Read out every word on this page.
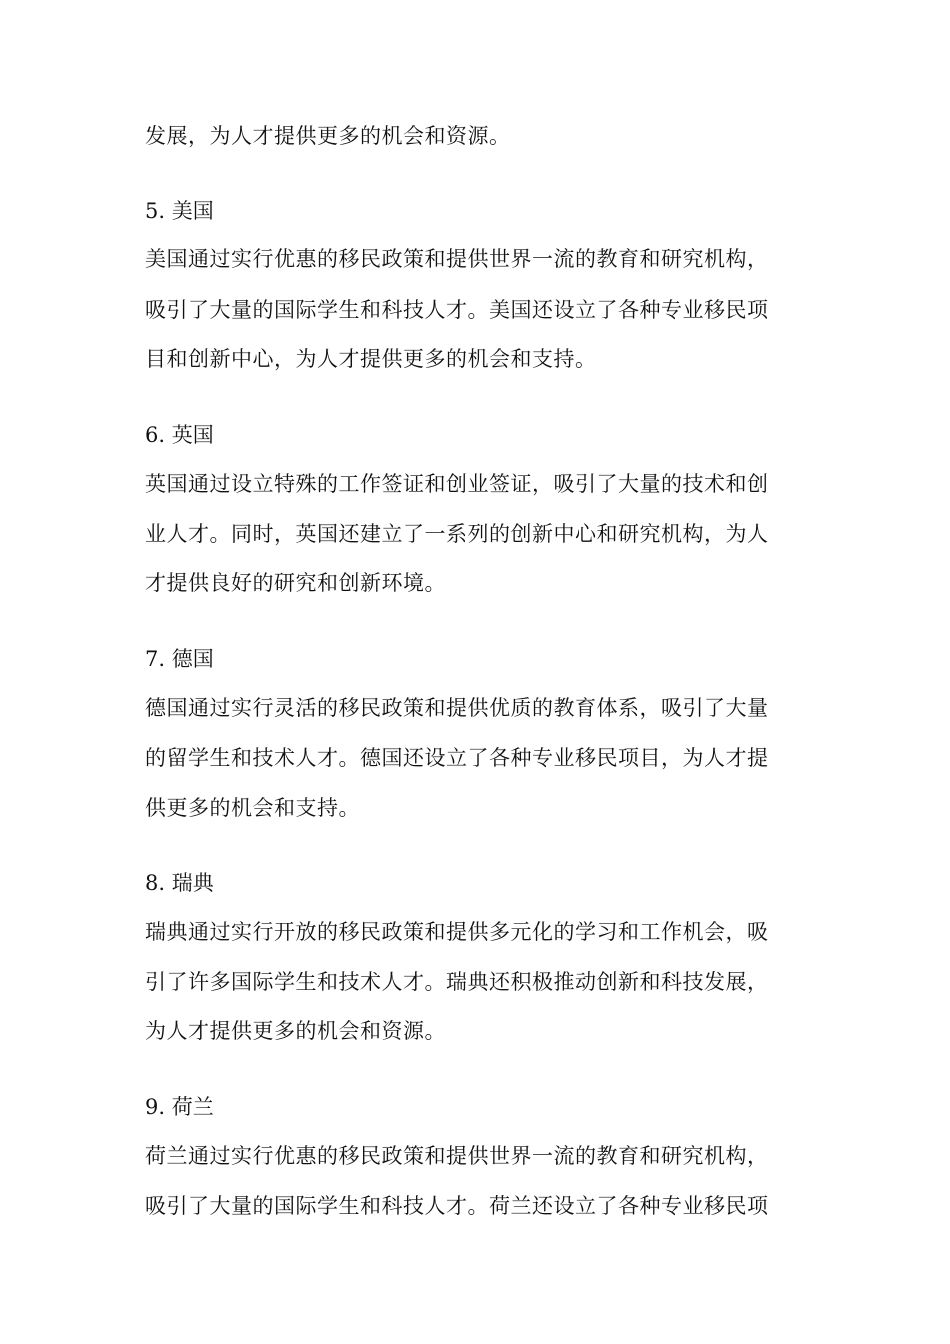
发展，为人才提供更多的机会和资源。
5. 美国
美国通过实行优惠的移民政策和提供世界一流的教育和研究机构，
吸引了大量的国际学生和科技人才。美国还设立了各种专业移民项
目和创新中心，为人才提供更多的机会和支持。
6. 英国
英国通过设立特殊的工作签证和创业签证，吸引了大量的技术和创
业人才。同时，英国还建立了一系列的创新中心和研究机构，为人
才提供良好的研究和创新环境。
7. 德国
德国通过实行灵活的移民政策和提供优质的教育体系，吸引了大量
的留学生和技术人才。德国还设立了各种专业移民项目，为人才提
供更多的机会和支持。
8. 瑞典
瑞典通过实行开放的移民政策和提供多元化的学习和工作机会，吸
引了许多国际学生和技术人才。瑞典还积极推动创新和科技发展，
为人才提供更多的机会和资源。
9. 荷兰
荷兰通过实行优惠的移民政策和提供世界一流的教育和研究机构，
吸引了大量的国际学生和科技人才。荷兰还设立了各种专业移民项
